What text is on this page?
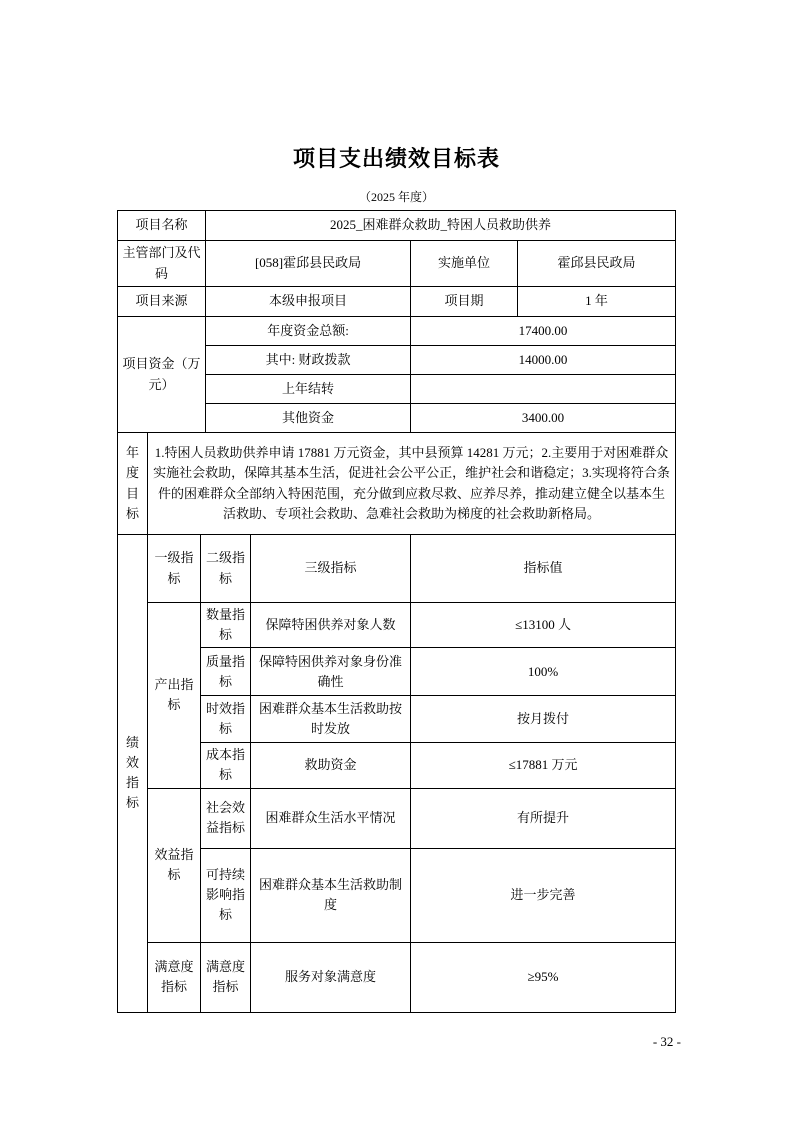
项目支出绩效目标表
（2025 年度）
项目名称			2025_困难群众救助_特困人员救助供养			
主管部门及代码			[058]霍邱县民政局		实施单位	霍邱县民政局
项目来源			本级申报项目		项目期	1 年
项目资金（万元）			年度资金总额:		17400.00	
			其中: 财政拨款		14000.00	
			上年结转			
			其他资金		3400.00	
年度目标	1.特困人员救助供养申请 17881 万元资金，其中县预算 14281 万元；2.主要用于对困难群众实施社会救助，保障其基本生活，促进社会公平公正，维护社会和谐稳定；3.实现将符合条件的困难群众全部纳入特困范围，充分做到应救尽救、应养尽养，推动建立健全以基本生活救助、专项社会救助、急难社会救助为梯度的社会救助新格局。					
绩效指标	一级指标	二级指标		三级指标	指标值	
	产出指标	数量指标		保障特困供养对象人数	≤13100 人	
		质量指标		保障特困供养对象身份准确性	100%	
		时效指标		困难群众基本生活救助按时发放	按月拨付	
		成本指标		救助资金	≤17881 万元	
	效益指标	社会效益指标		困难群众生活水平情况	有所提升	
		可持续影响指标		困难群众基本生活救助制度	进一步完善	
	满意度指标	满意度指标		服务对象满意度	≥95%	
- 32 -
